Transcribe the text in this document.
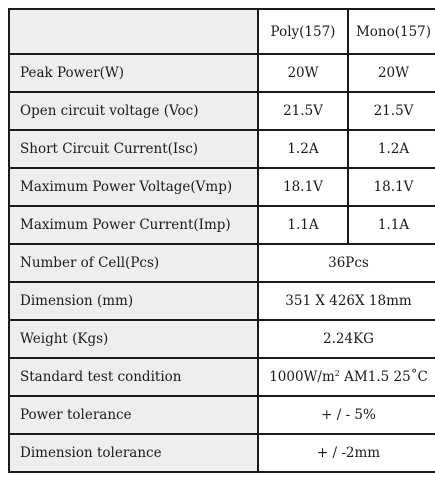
	Poly(157)	Mono(157)
Peak Power(W)	20W	20W
Open circuit voltage (Voc)	21.5V	21.5V
Short Circuit Current(Isc)	1.2A	1.2A
Maximum Power Voltage(Vmp)	18.1V	18.1V
Maximum Power Current(Imp)	1.1A	1.1A
Number of Cell(Pcs)	36Pcs	
Dimension (mm)	351 X 426X 18mm	
Weight (Kgs)	2.24KG	
Standard test condition	$1000W/m^2$ AM1.5 25˚C	
Power tolerance	+ / - 5%	
Dimension tolerance	+ / -2mm	
